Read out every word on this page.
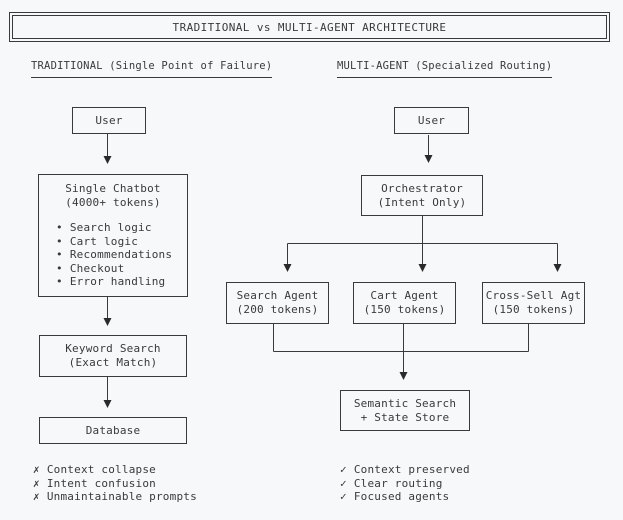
TRADITIONAL vs MULTI-AGENT ARCHITECTURE
TRADITIONAL (Single Point of Failure)	MULTI-AGENT (Specialized Routing)
User
Single Chatbot
(4000+ tokens)
• Search logic
• Cart logic
• Recommendations
• Checkout
• Error handling
Keyword Search
(Exact Match)
Database
User
Orchestrator
(Intent Only)
Search Agent
(200 tokens)
Cart Agent
(150 tokens)
Cross-Sell Agt
(150 tokens)
Semantic Search
+ State Store
✗ Context collapse
✗ Intent confusion
✗ Unmaintainable prompts
✓ Context preserved
✓ Clear routing
✓ Focused agents
